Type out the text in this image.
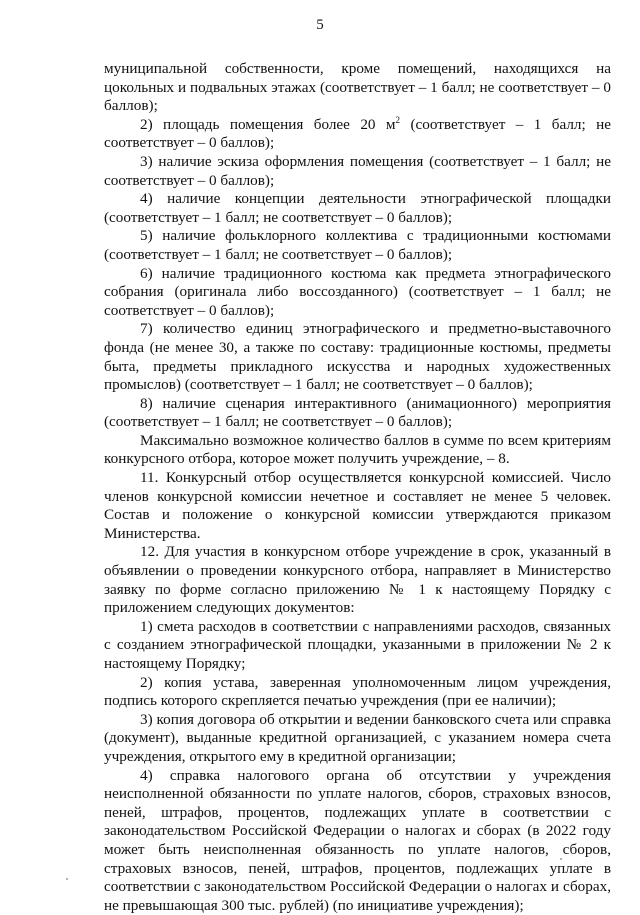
5

муниципальной собственности, кроме помещений, находящихся на цокольных и подвальных этажах (соответствует – 1 балл; не соответствует – 0 баллов);

2) площадь помещения более 20 $м^2$ (соответствует – 1 балл; не соответствует – 0 баллов);

3) наличие эскиза оформления помещения (соответствует – 1 балл; не соответствует – 0 баллов);

4) наличие концепции деятельности этнографической площадки (соответствует – 1 балл; не соответствует – 0 баллов);

5) наличие фольклорного коллектива с традиционными костюмами (соответствует – 1 балл; не соответствует – 0 баллов);

6) наличие традиционного костюма как предмета этнографического собрания (оригинала либо воссозданного) (соответствует – 1 балл; не соответствует – 0 баллов);

7) количество единиц этнографического и предметно-выставочного фонда (не менее 30, а также по составу: традиционные костюмы, предметы быта, предметы прикладного искусства и народных художественных промыслов) (соответствует – 1 балл; не соответствует – 0 баллов);

8) наличие сценария интерактивного (анимационного) мероприятия (соответствует – 1 балл; не соответствует – 0 баллов);

Максимально возможное количество баллов в сумме по всем критериям конкурсного отбора, которое может получить учреждение, – 8.

11. Конкурсный отбор осуществляется конкурсной комиссией. Число членов конкурсной комиссии нечетное и составляет не менее 5 человек. Состав и положение о конкурсной комиссии утверждаются приказом Министерства.

12. Для участия в конкурсном отборе учреждение в срок, указанный в объявлении о проведении конкурсного отбора, направляет в Министерство заявку по форме согласно приложению № 1 к настоящему Порядку с приложением следующих документов:

1) смета расходов в соответствии с направлениями расходов, связанных с созданием этнографической площадки, указанными в приложении № 2 к настоящему Порядку;

2) копия устава, заверенная уполномоченным лицом учреждения, подпись которого скрепляется печатью учреждения (при ее наличии);

3) копия договора об открытии и ведении банковского счета или справка (документ), выданные кредитной организацией, с указанием номера счета учреждения, открытого ему в кредитной организации;

4) справка налогового органа об отсутствии у учреждения неисполненной обязанности по уплате налогов, сборов, страховых взносов, пеней, штрафов, процентов, подлежащих уплате в соответствии с законодательством Российской Федерации о налогах и сборах (в 2022 году может быть неисполненная обязанность по уплате налогов, сборов, страховых взносов, пеней, штрафов, процентов, подлежащих уплате в соответствии с законодательством Российской Федерации о налогах и сборах, не превышающая 300 тыс. рублей) (по инициативе учреждения);
